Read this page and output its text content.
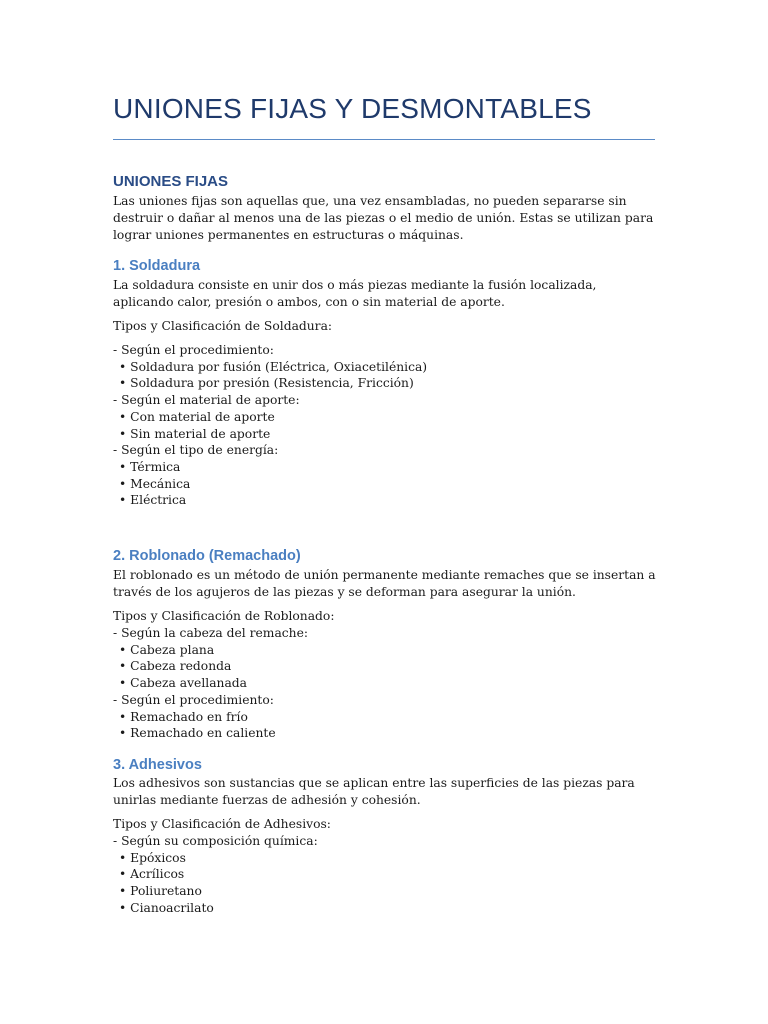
UNIONES FIJAS Y DESMONTABLES
UNIONES FIJAS
Las uniones fijas son aquellas que, una vez ensambladas, no pueden separarse sin destruir o dañar al menos una de las piezas o el medio de unión. Estas se utilizan para lograr uniones permanentes en estructuras o máquinas.
1. Soldadura
La soldadura consiste en unir dos o más piezas mediante la fusión localizada, aplicando calor, presión o ambos, con o sin material de aporte.
Tipos y Clasificación de Soldadura:
- Según el procedimiento:
• Soldadura por fusión (Eléctrica, Oxiacetilénica)
• Soldadura por presión (Resistencia, Fricción)
- Según el material de aporte:
• Con material de aporte
• Sin material de aporte
- Según el tipo de energía:
• Térmica
• Mecánica
• Eléctrica
2. Roblonado (Remachado)
El roblonado es un método de unión permanente mediante remaches que se insertan a través de los agujeros de las piezas y se deforman para asegurar la unión.
Tipos y Clasificación de Roblonado:
- Según la cabeza del remache:
• Cabeza plana
• Cabeza redonda
• Cabeza avellanada
- Según el procedimiento:
• Remachado en frío
• Remachado en caliente
3. Adhesivos
Los adhesivos son sustancias que se aplican entre las superficies de las piezas para unirlas mediante fuerzas de adhesión y cohesión.
Tipos y Clasificación de Adhesivos:
- Según su composición química:
• Epóxicos
• Acrílicos
• Poliuretano
• Cianoacrilato
